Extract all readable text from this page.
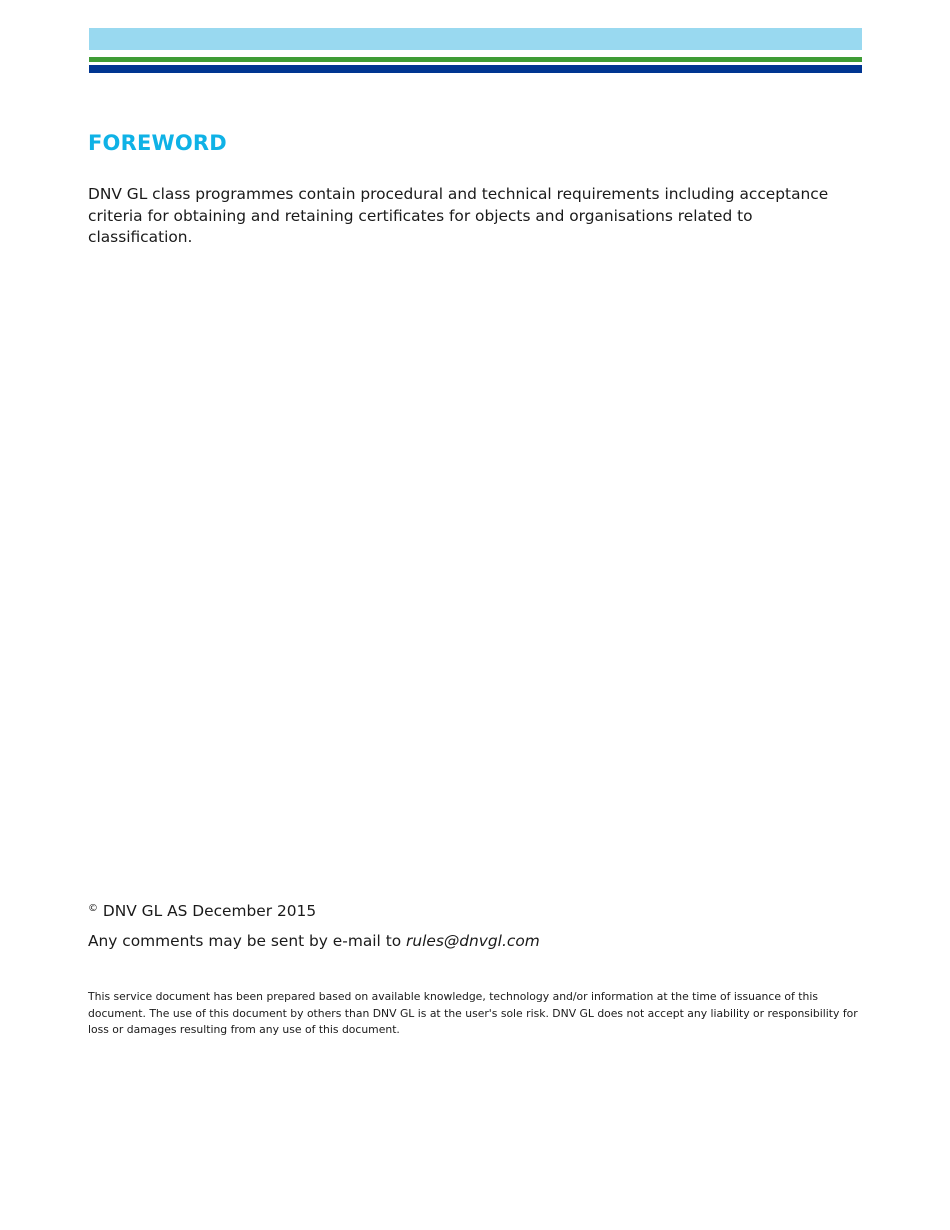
FOREWORD

DNV GL class programmes contain procedural and technical requirements including acceptance criteria for obtaining and retaining certificates for objects and organisations related to classification.

© DNV GL AS December 2015

Any comments may be sent by e-mail to rules@dnvgl.com

This service document has been prepared based on available knowledge, technology and/or information at the time of issuance of this document. The use of this document by others than DNV GL is at the user's sole risk. DNV GL does not accept any liability or responsibility for loss or damages resulting from any use of this document.
